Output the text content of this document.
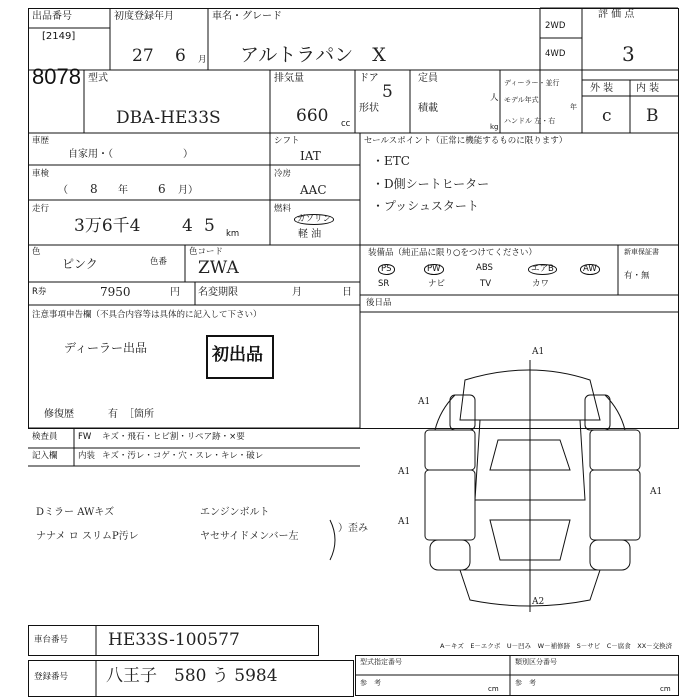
出品番号
[2149]
8078
初度登録年月
27 6 月
車名・グレード
アルトラパン　X
2WD
4WD
評 価 点
3
外 装 内 装
c B
型式
DBA-HE33S
排気量
660 cc
ドア
5
形状
定員
人
積載
kg
ディーラー・並行
モデル年式
年
ハンドル 左・右
車歴
自家用・（　　　　　　　）
車検
（ 8 年	6 月）
走行
3万6千4 4 5 km
色
ピンク	色番
色コード
ZWA
シフト
IAT
冷房
AAC
燃料
ガソリン
軽 油
R券	7950	円 名変期限	月	日
注意事項申告欄（不具合内容等は具体的に記入して下さい）
ディーラー出品	初出品
修復歴	有 ［箇所
セールスポイント（正常に機能するものに限ります）
・ETC
・D側シートヒーター
・プッシュスタート
装備品（純正品に限り○をつけてください）	新車保証書
有・無
PS	PW	ABS	エアB	AW
SR	ナビ	TV	カワ
後日品
検査員
記入欄
FW キズ・飛石・ヒビ割・リペア跡・×要
内装 キズ・汚レ・コゲ・穴・スレ・キレ・破レ
Dミラー AWキズ
ナナメ ロ スリムP汚レ
エンジンボルト
ヤセサイドメンバー左
）歪み
A1
A1
A1
A1
A1
A2
A－キズ　E－エクボ　U－凹み　W－補修跡　S－サビ　C－腐食　XX－交換済
車台番号 HE33S-100577
登録番号 八王子　580 う 5984
型式指定番号
参　考
類別区分番号
参　考
cm	cm
